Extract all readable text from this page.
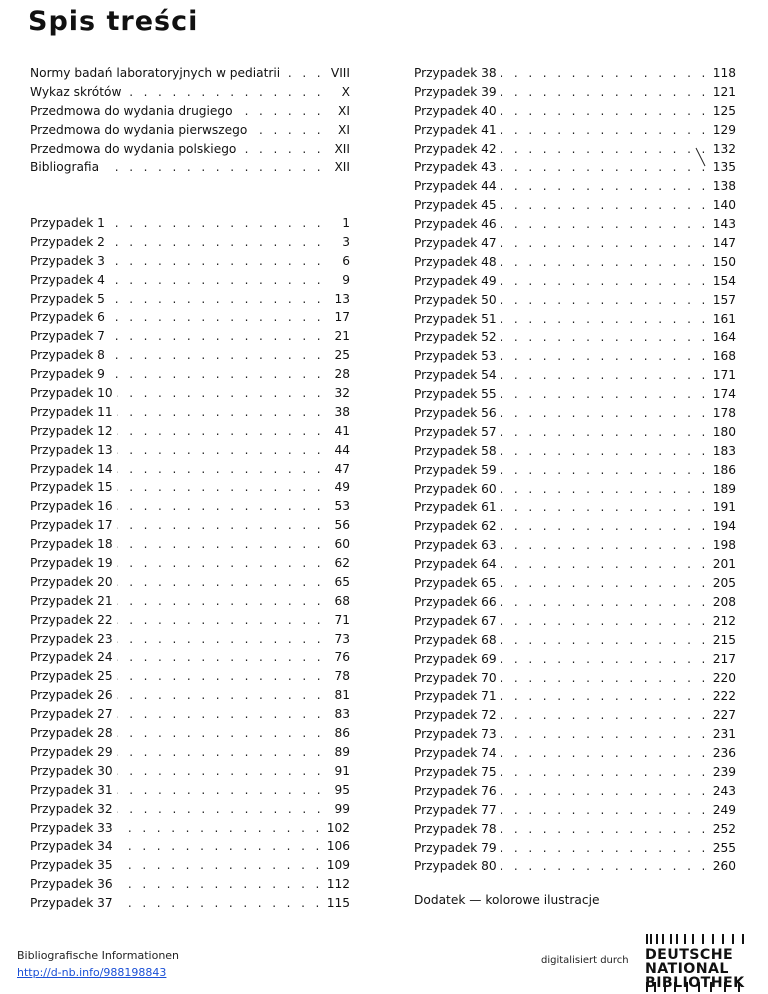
Spis treści
Normy badań laboratoryjnych w pediatrii . . .	VIII
Wykaz skrótów . . .	X
Przedmowa do wydania drugiego . . .	XI
Przedmowa do wydania pierwszego . . .	XI
Przedmowa do wydania polskiego . . .	XII
Bibliografia . . .	XII
Przypadek 1 . . .	1
Przypadek 2 . . .	3
Przypadek 3 . . .	6
Przypadek 4 . . .	9
Przypadek 5 . . .	13
Przypadek 6 . . .	17
Przypadek 7 . . .	21
Przypadek 8 . . .	25
Przypadek 9 . . .	28
Przypadek 10 . . .	32
Przypadek 11 . . .	38
Przypadek 12 . . .	41
Przypadek 13 . . .	44
Przypadek 14 . . .	47
Przypadek 15 . . .	49
Przypadek 16 . . .	53
Przypadek 17 . . .	56
Przypadek 18 . . .	60
Przypadek 19 . . .	62
Przypadek 20 . . .	65
Przypadek 21 . . .	68
Przypadek 22 . . .	71
Przypadek 23 . . .	73
Przypadek 24 . . .	76
Przypadek 25 . . .	78
Przypadek 26 . . .	81
Przypadek 27 . . .	83
Przypadek 28 . . .	86
Przypadek 29 . . .	89
Przypadek 30 . . .	91
Przypadek 31 . . .	95
Przypadek 32 . . .	99
Przypadek 33 . . .	102
Przypadek 34 . . .	106
Przypadek 35 . . .	109
Przypadek 36 . . .	112
Przypadek 37 . . .	115
Przypadek 38 . . .	118
Przypadek 39 . . .	121
Przypadek 40 . . .	125
Przypadek 41 . . .	129
Przypadek 42 . . .	132
Przypadek 43 . . .	135
Przypadek 44 . . .	138
Przypadek 45 . . .	140
Przypadek 46 . . .	143
Przypadek 47 . . .	147
Przypadek 48 . . .	150
Przypadek 49 . . .	154
Przypadek 50 . . .	157
Przypadek 51 . . .	161
Przypadek 52 . . .	164
Przypadek 53 . . .	168
Przypadek 54 . . .	171
Przypadek 55 . . .	174
Przypadek 56 . . .	178
Przypadek 57 . . .	180
Przypadek 58 . . .	183
Przypadek 59 . . .	186
Przypadek 60 . . .	189
Przypadek 61 . . .	191
Przypadek 62 . . .	194
Przypadek 63 . . .	198
Przypadek 64 . . .	201
Przypadek 65 . . .	205
Przypadek 66 . . .	208
Przypadek 67 . . .	212
Przypadek 68 . . .	215
Przypadek 69 . . .	217
Przypadek 70 . . .	220
Przypadek 71 . . .	222
Przypadek 72 . . .	227
Przypadek 73 . . .	231
Przypadek 74 . . .	236
Przypadek 75 . . .	239
Przypadek 76 . . .	243
Przypadek 77 . . .	249
Przypadek 78 . . .	252
Przypadek 79 . . .	255
Przypadek 80 . . .	260
Dodatek — kolorowe ilustracje
Bibliografische Informationen
http://d-nb.info/988198843
digitalisiert durch DEUTSCHE
NATIONAL
BIBLIOTHEK
